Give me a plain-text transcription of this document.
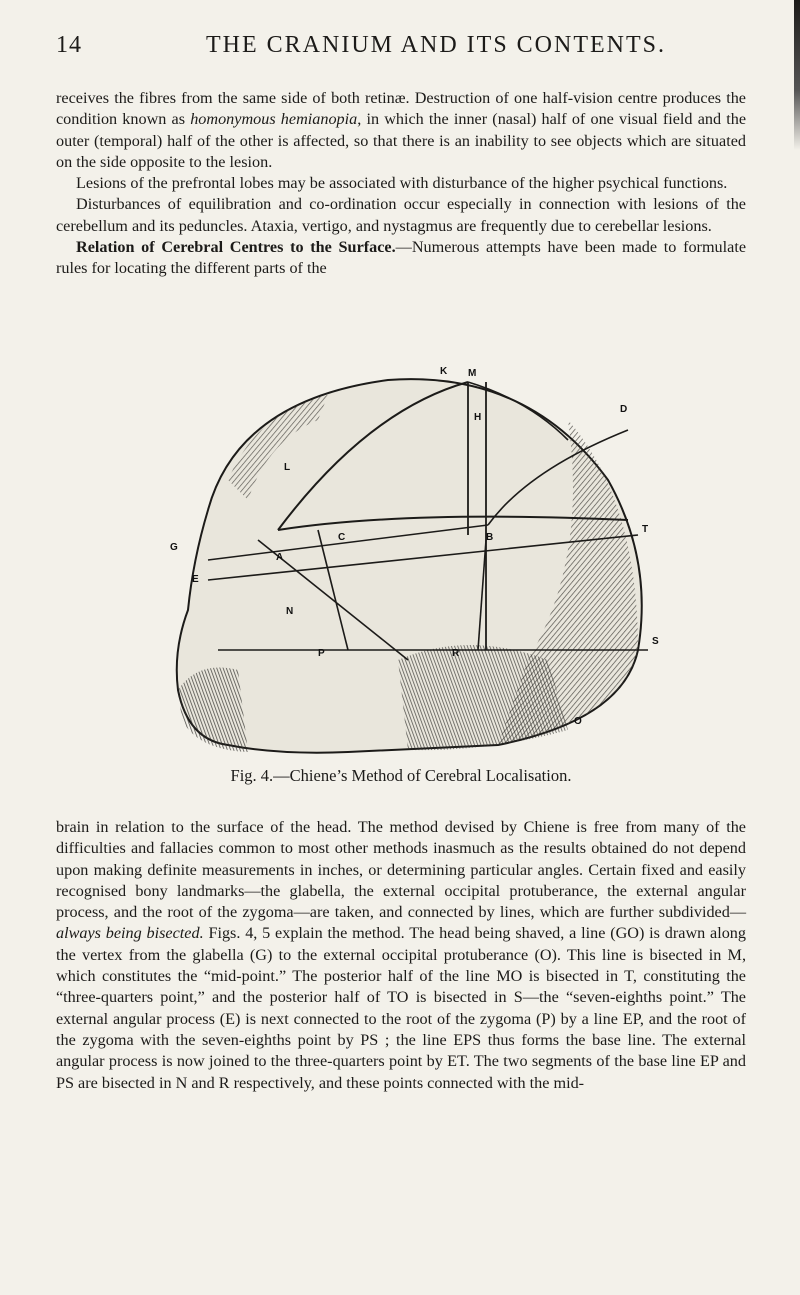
14	THE CRANIUM AND ITS CONTENTS.

receives the fibres from the same side of both retinæ. Destruction of one half-vision centre produces the condition known as homonymous hemianopia, in which the inner (nasal) half of one visual field and the outer (temporal) half of the other is affected, so that there is an inability to see objects which are situated on the side opposite to the lesion.

Lesions of the prefrontal lobes may be associated with disturbance of the higher psychical functions.

Disturbances of equilibration and co-ordination occur especially in connection with lesions of the cerebellum and its peduncles. Ataxia, vertigo, and nystagmus are frequently due to cerebellar lesions.

Relation of Cerebral Centres to the Surface.—Numerous attempts have been made to formulate rules for locating the different parts of the

M
K
D
H
L
G
C	B
T
A
E
N
P	R
S
O
Fig. 4.—Chiene’s Method of Cerebral Localisation.

brain in relation to the surface of the head. The method devised by Chiene is free from many of the difficulties and fallacies common to most other methods inasmuch as the results obtained do not depend upon making definite measurements in inches, or determining particular angles. Certain fixed and easily recognised bony landmarks—the glabella, the external occipital protuberance, the external angular process, and the root of the zygoma—are taken, and connected by lines, which are further subdivided—always being bisected. Figs. 4, 5 explain the method. The head being shaved, a line (GO) is drawn along the vertex from the glabella (G) to the external occipital protuberance (O). This line is bisected in M, which constitutes the “mid-point.” The posterior half of the line MO is bisected in T, constituting the “three-quarters point,” and the posterior half of TO is bisected in S—the “seven-eighths point.” The external angular process (E) is next connected to the root of the zygoma (P) by a line EP, and the root of the zygoma with the seven-eighths point by PS ; the line EPS thus forms the base line. The external angular process is now joined to the three-quarters point by ET. The two segments of the base line EP and PS are bisected in N and R respectively, and these points connected with the mid-
